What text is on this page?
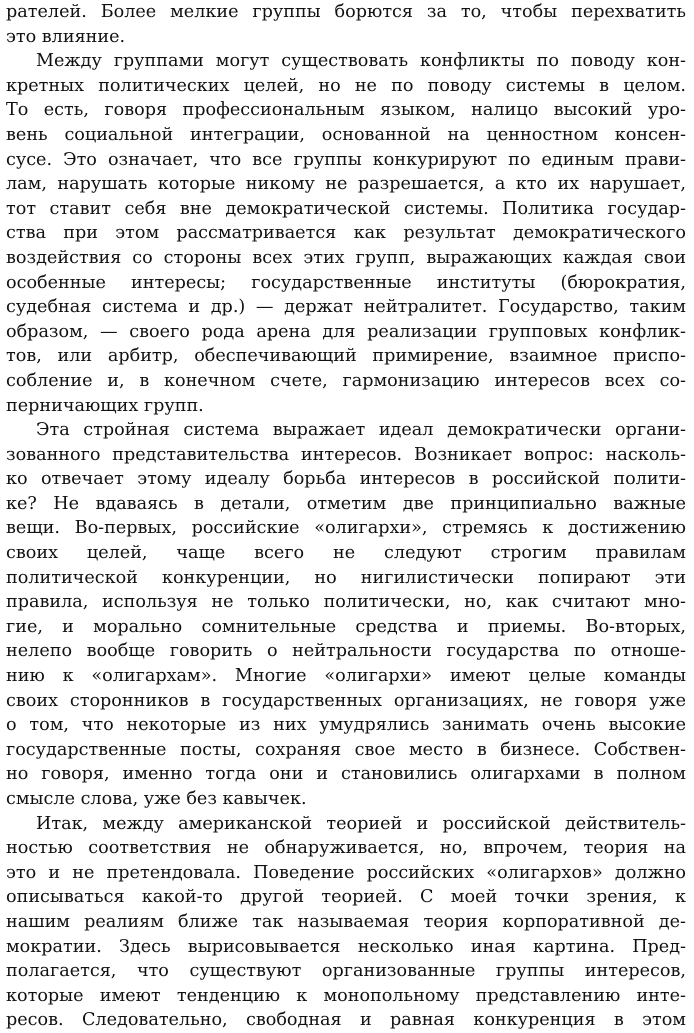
рателей. Более мелкие группы борются за то, чтобы перехватить
это влияние.
Между группами могут существовать конфликты по поводу кон-
кретных политических целей, но не по поводу системы в целом.
То есть, говоря профессиональным языком, налицо высокий уро-
вень социальной интеграции, основанной на ценностном консен-
сусе. Это означает, что все группы конкурируют по единым прави-
лам, нарушать которые никому не разрешается, а кто их нарушает,
тот ставит себя вне демократической системы. Политика государ-
ства при этом рассматривается как результат демократического
воздействия со стороны всех этих групп, выражающих каждая свои
особенные интересы; государственные институты (бюрократия,
судебная система и др.) — держат нейтралитет. Государство, таким
образом, — своего рода арена для реализации групповых конфлик-
тов, или арбитр, обеспечивающий примирение, взаимное приспо-
собление и, в конечном счете, гармонизацию интересов всех со-
перничающих групп.
Эта стройная система выражает идеал демократически органи-
зованного представительства интересов. Возникает вопрос: насколь-
ко отвечает этому идеалу борьба интересов в российской полити-
ке? Не вдаваясь в детали, отметим две принципиально важные
вещи. Во-первых, российские «олигархи», стремясь к достижению
своих целей, чаще всего не следуют строгим правилам
политической конкуренции, но нигилистически попирают эти
правила, используя не только политически, но, как считают мно-
гие, и морально сомнительные средства и приемы. Во-вторых,
нелепо вообще говорить о нейтральности государства по отноше-
нию к «олигархам». Многие «олигархи» имеют целые команды
своих сторонников в государственных организациях, не говоря уже
о том, что некоторые из них умудрялись занимать очень высокие
государственные посты, сохраняя свое место в бизнесе. Собствен-
но говоря, именно тогда они и становились олигархами в полном
смысле слова, уже без кавычек.
Итак, между американской теорией и российской действитель-
ностью соответствия не обнаруживается, но, впрочем, теория на
это и не претендовала. Поведение российских «олигархов» должно
описываться какой-то другой теорией. С моей точки зрения, к
нашим реалиям ближе так называемая теория корпоративной де-
мократии. Здесь вырисовывается несколько иная картина. Пред-
полагается, что существуют организованные группы интересов,
которые имеют тенденцию к монопольному представлению инте-
ресов. Следовательно, свободная и равная конкуренция в этом
